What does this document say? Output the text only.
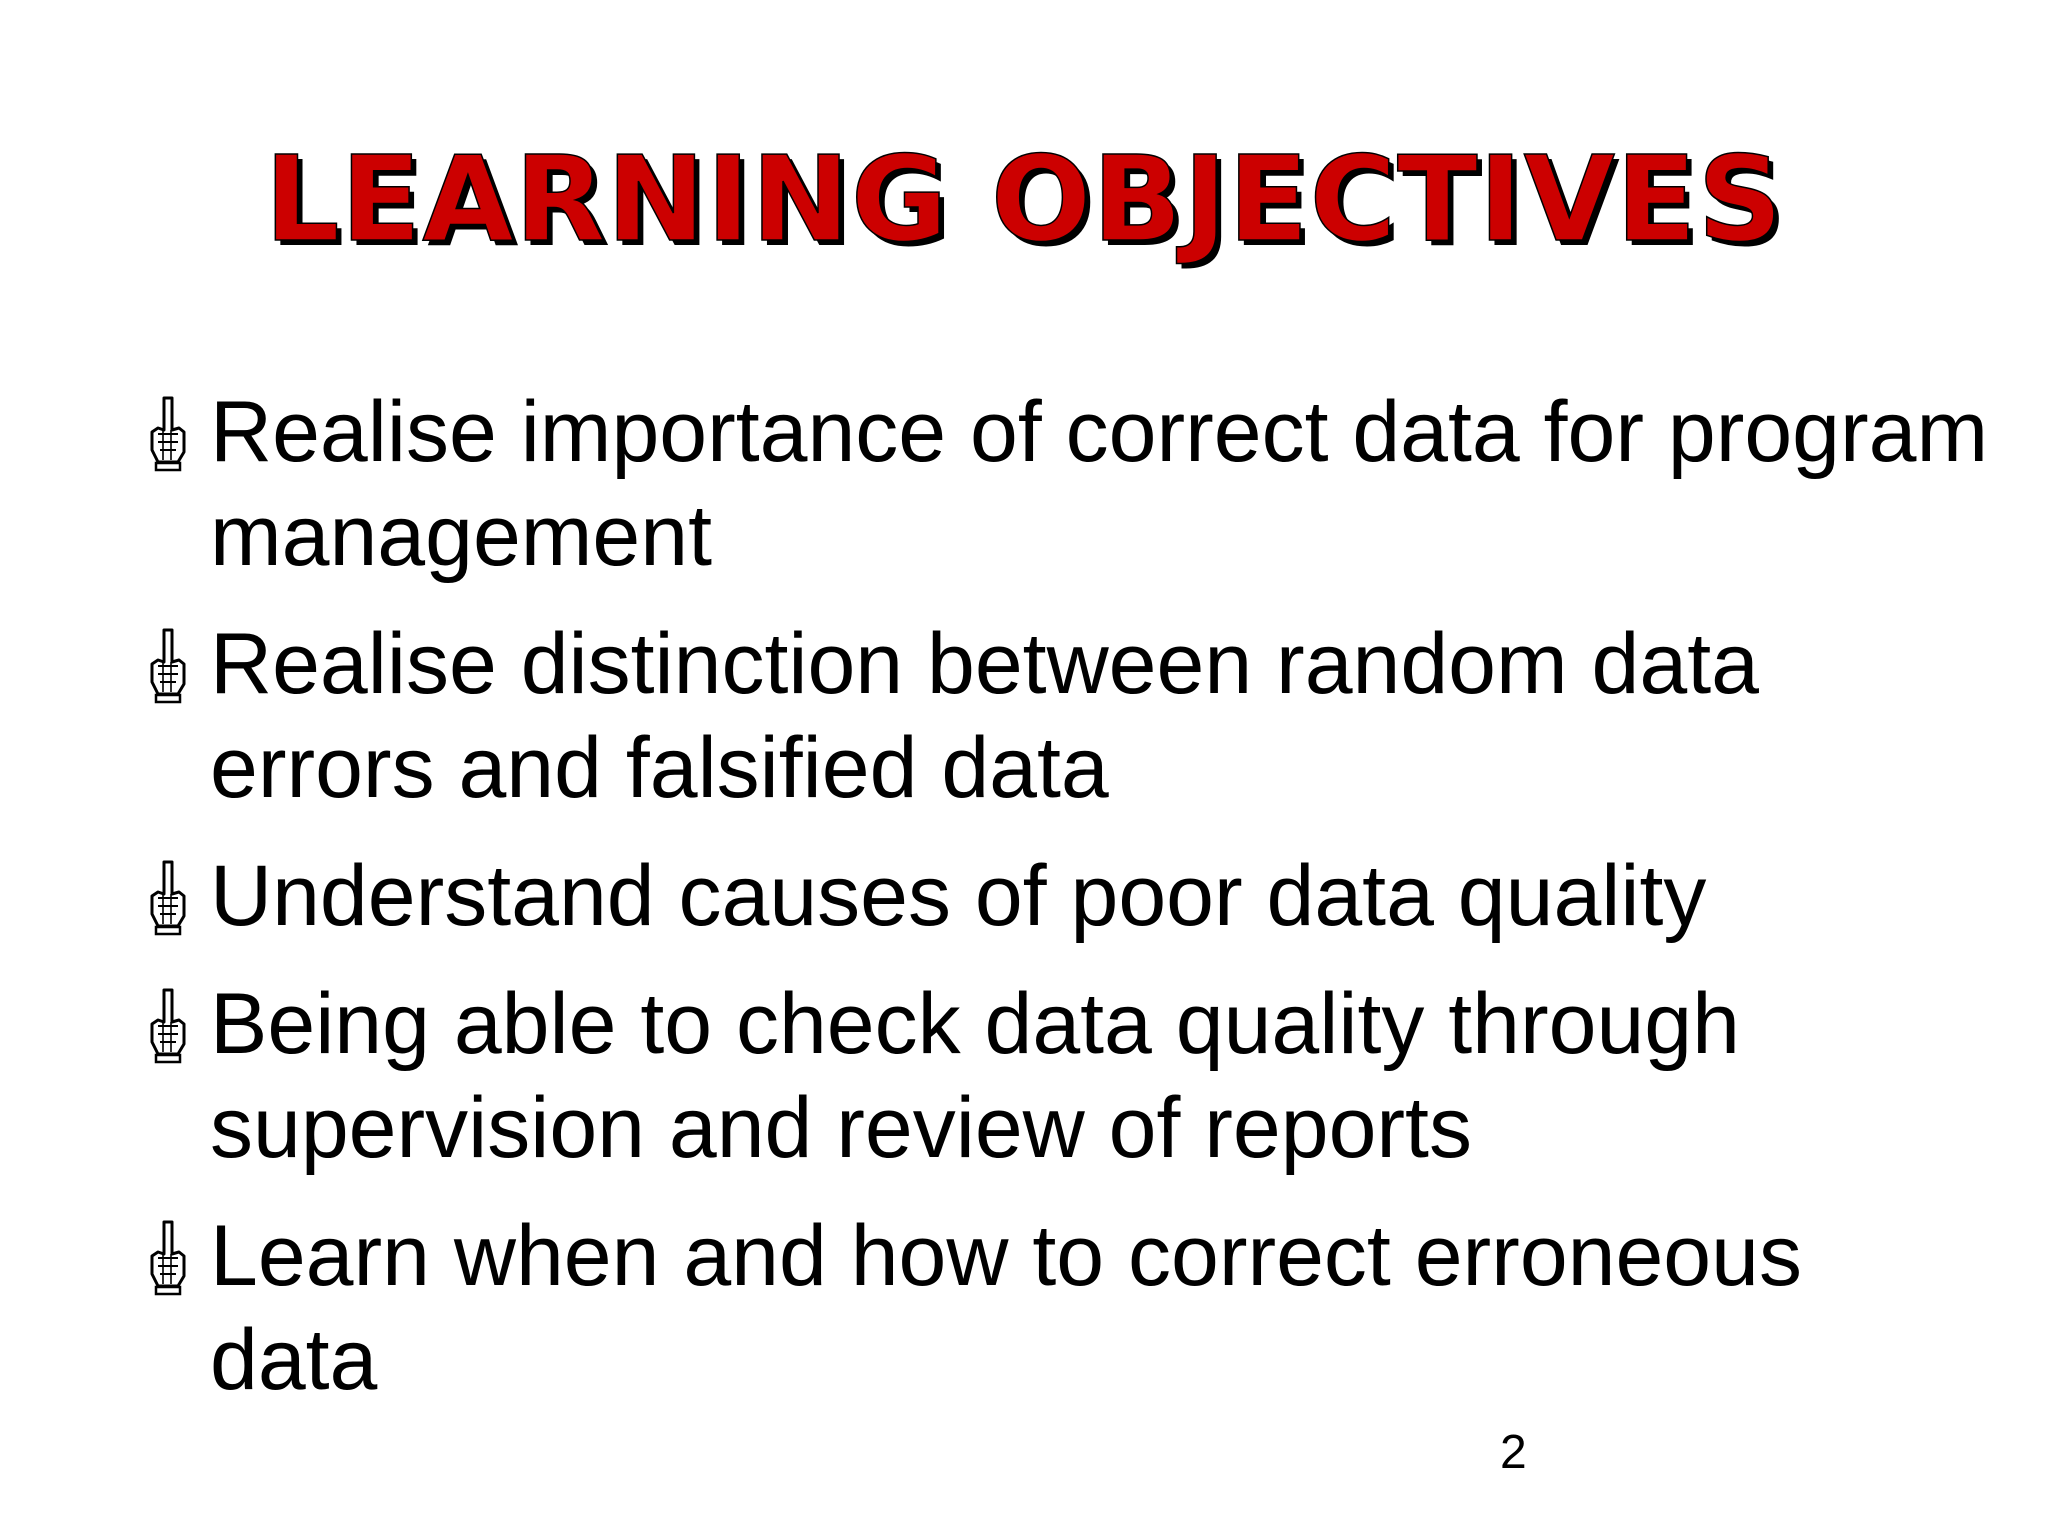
LEARNING OBJECTIVES
Realise importance of correct data for program management
Realise distinction between random data errors and falsified data
Understand causes of poor data quality
Being able to check data quality through supervision and review of reports
Learn when and how to correct erroneous data
2
